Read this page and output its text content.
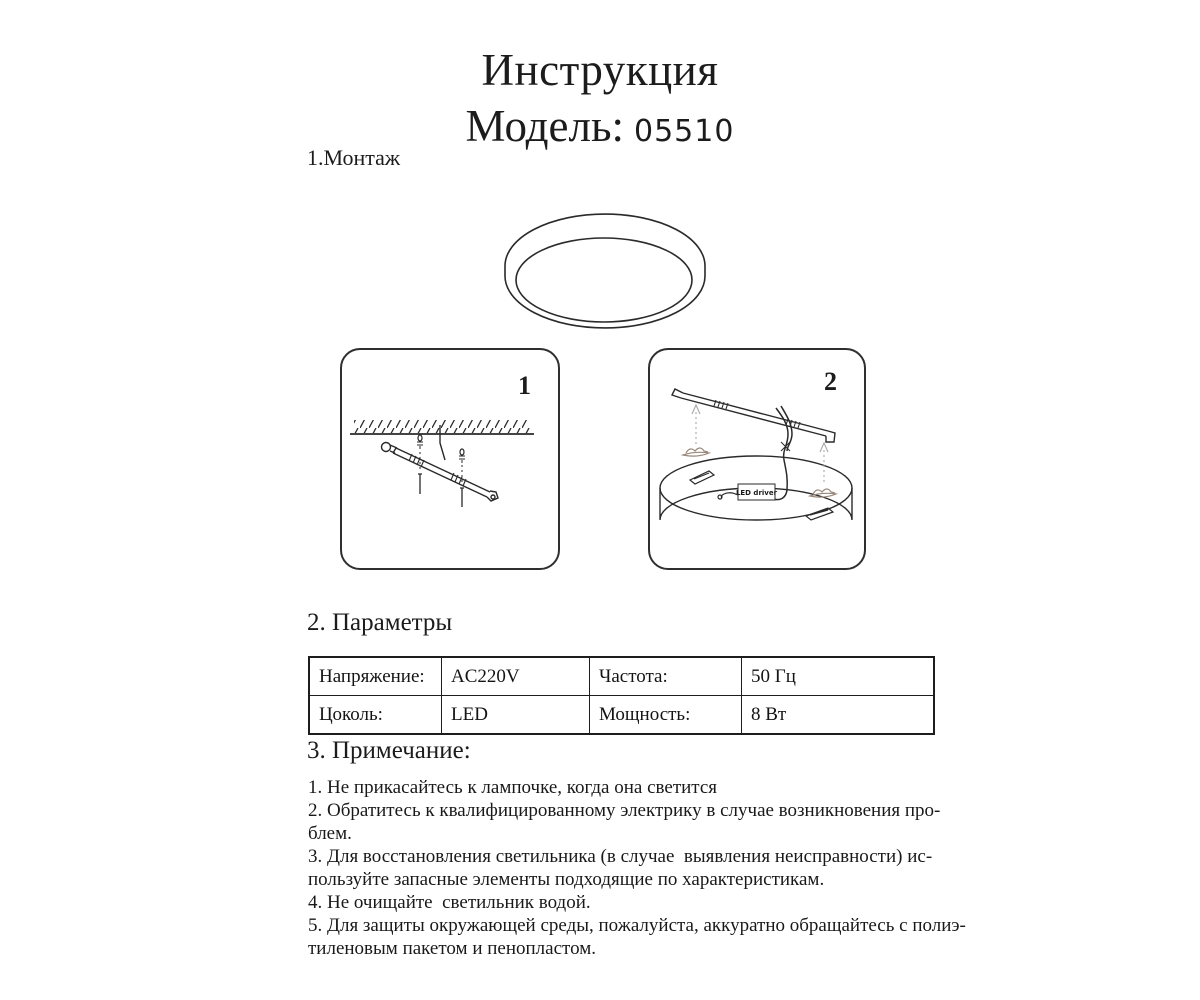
Инструкция
Модель: 05510
1.Монтаж
1	2
LED driver
2. Параметры
Напряжение:	AC220V	Частота:	50 Гц
Цоколь:	LED	Мощность:	8 Вт
3. Примечание:
1. Не прикасайтесь к лампочке, когда она светится
2. Обратитесь к квалифицированному электрику в случае возникновения про-
блем.
3. Для восстановления светильника (в случае  выявления неисправности) ис-
пользуйте запасные элементы подходящие по характеристикам.
4. Не очищайте  светильник водой.
5. Для защиты окружающей среды, пожалуйста, аккуратно обращайтесь с полиэ-
тиленовым пакетом и пенопластом.
